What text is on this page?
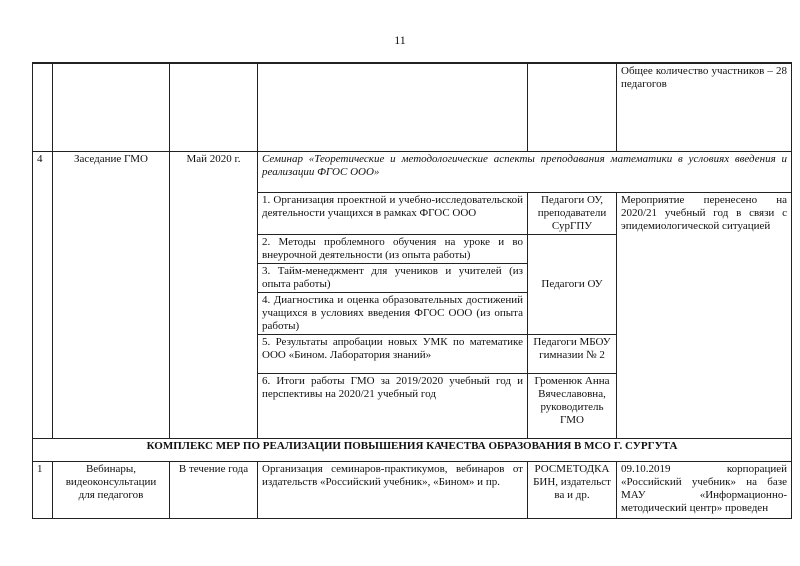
11
					Общее количество участников – 28 педагогов
4	Заседание ГМО	Май 2020 г.	Семинар «Теоретические и методологические аспекты преподавания математики в условиях введения и реализации ФГОС ООО»		
			1. Организация проектной и учебно-исследовательской деятельности учащихся в рамках ФГОС ООО	Педагоги ОУ, преподаватели СурГПУ	Мероприятие перенесено на 2020/21 учебный год в связи с эпидемиологической ситуацией
			2. Методы проблемного обучения на уроке и во внеурочной деятельности (из опыта работы)	Педагоги ОУ	
			3. Тайм-менеджмент для учеников и учителей (из опыта работы)		
			4. Диагностика и оценка образовательных достижений учащихся в условиях введения ФГОС ООО (из опыта работы)		
			5. Результаты апробации новых УМК по математике ООО «Бином. Лаборатория знаний»	Педагоги МБОУ гимназии № 2	
			6. Итоги работы ГМО за 2019/2020 учебный год и перспективы на 2020/21 учебный год	Громенюк Анна Вячеславовна, руководитель ГМО	
КОМПЛЕКС МЕР ПО РЕАЛИЗАЦИИ ПОВЫШЕНИЯ КАЧЕСТВА ОБРАЗОВАНИЯ В МСО Г. СУРГУТА					
1	Вебинары, видеоконсультации для педагогов	В течение года	Организация семинаров-практикумов, вебинаров от издательств «Российский учебник», «Бином» и пр.	РОСМЕТОДКАБИН, издательства и др.	09.10.2019 корпорацией «Российский учебник» на базе МАУ «Информационно-методический центр» проведен
